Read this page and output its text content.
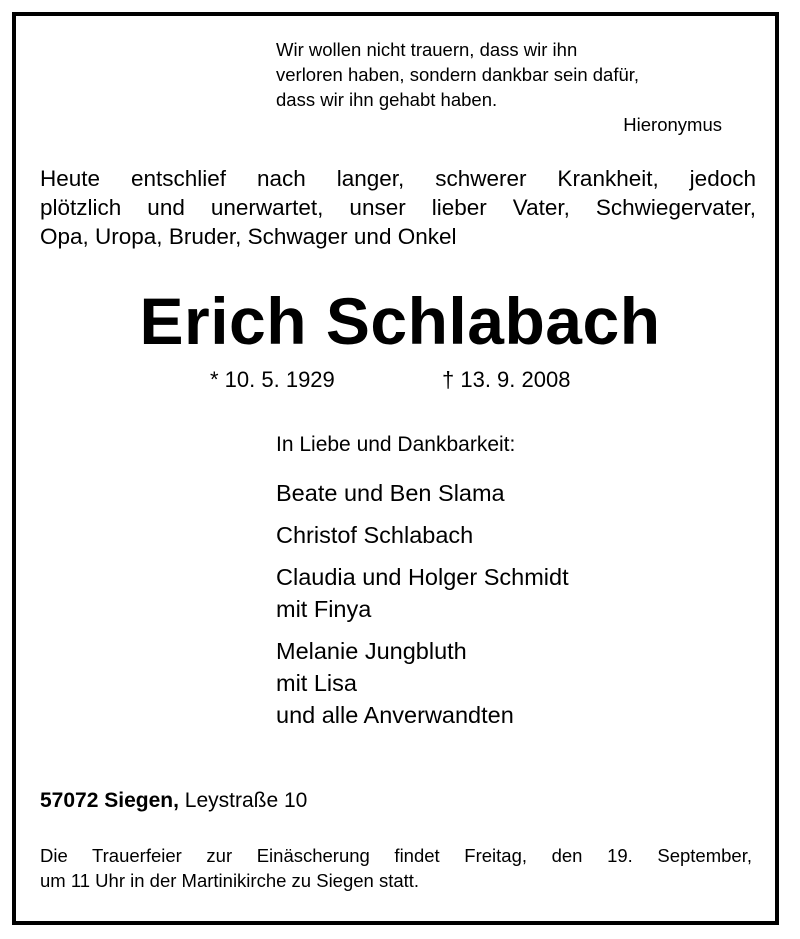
Wir wollen nicht trauern, dass wir ihn
verloren haben, sondern dankbar sein dafür,
dass wir ihn gehabt haben.
Hieronymus
Heute entschlief nach langer, schwerer Krankheit, jedoch
plötzlich und unerwartet, unser lieber Vater, Schwiegervater,
Opa, Uropa, Bruder, Schwager und Onkel
Erich Schlabach
* 10. 5. 1929	† 13. 9. 2008
In Liebe und Dankbarkeit:
Beate und Ben Slama
Christof Schlabach
Claudia und Holger Schmidt
mit Finya
Melanie Jungbluth
mit Lisa
und alle Anverwandten
57072 Siegen, Leystraße 10
Die Trauerfeier zur Einäscherung findet Freitag, den 19. September,
um 11 Uhr in der Martinikirche zu Siegen statt.
